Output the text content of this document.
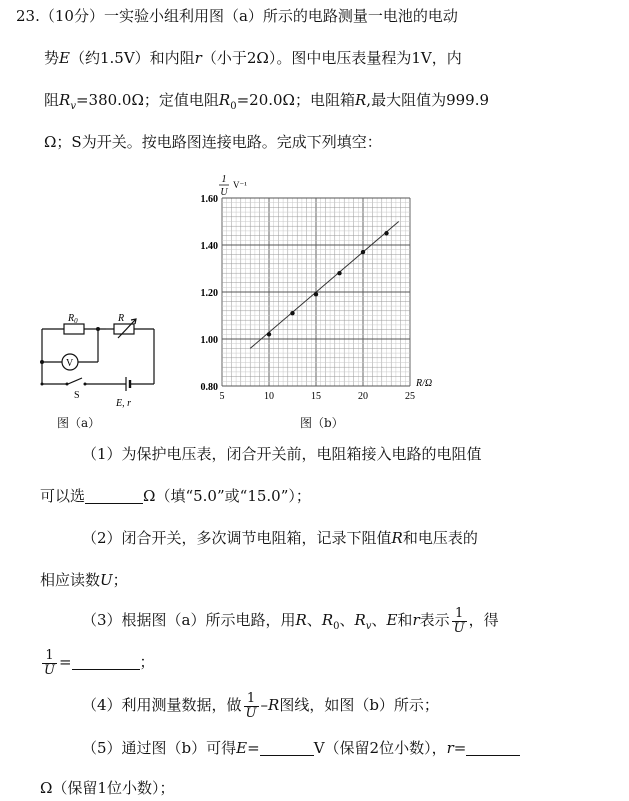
23.（10分）一实验小组利用图（a）所示的电路测量一电池的电动
势E（约1.5V）和内阻r（小于2Ω）。图中电压表量程为1V，内
阻$R_v=380.0\Omega$；定值电阻$R_0=20.0\Omega$；电阻箱R,最大阻值为999.9
Ω；S为开关。按电路图连接电路。完成下列填空：
$R_0$	R
V
S
E, r
图（a）
0.80
1.00
1.20
1.40
1.60
5	10	15	20	25
1
U
V⁻¹
R/Ω
图（b）
（1）为保护电压表，闭合开关前，电阻箱接入电路的电阻值
可以选	Ω（填“5.0”或“15.0”）；
（2）闭合开关，多次调节电阻箱，记录下阻值R和电压表的
相应读数U；
（3）根据图（a）所示电路，用R、$R_0$、$R_v$、E和r表示 $\frac{1}{U}$ ，得
$\frac{1}{U}$ =	；
（4）利用测量数据，做 $\frac{1}{U} -R$图线，如图（b）所示；
（5）通过图（b）可得E=	V（保留2位小数），r=
Ω（保留1位小数）；
